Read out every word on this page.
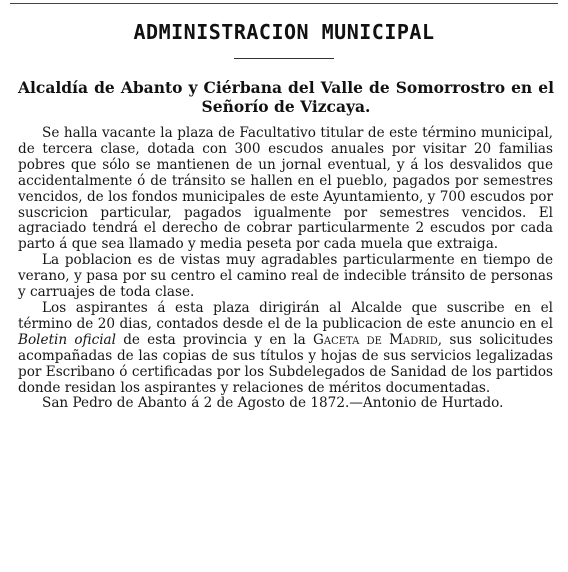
ADMINISTRACION MUNICIPAL
Alcaldía de Abanto y Ciérbana del Valle de Somorrostro en el Señorío de Vizcaya.

Se halla vacante la plaza de Facultativo titular de este término municipal, de tercera clase, dotada con 300 escudos anuales por visitar 20 familias pobres que sólo se mantienen de un jornal eventual, y á los desvalidos que accidentalmente ó de tránsito se hallen en el pueblo, pagados por semestres vencidos, de los fondos municipales de este Ayuntamiento, y 700 escudos por suscricion particular, pagados igualmente por semestres vencidos. El agraciado tendrá el derecho de cobrar particularmente 2 escudos por cada parto á que sea llamado y media peseta por cada muela que extraiga.

La poblacion es de vistas muy agradables particularmente en tiempo de verano, y pasa por su centro el camino real de indecible tránsito de personas y carruajes de toda clase.

Los aspirantes á esta plaza dirigirán al Alcalde que suscribe en el término de 20 dias, contados desde el de la publicacion de este anuncio en el Boletin oficial de esta provincia y en la Gaceta de Madrid, sus solicitudes acompañadas de las copias de sus títulos y hojas de sus servicios legalizadas por Escribano ó certificadas por los Subdelegados de Sanidad de los partidos donde residan los aspirantes y relaciones de méritos documentadas.

San Pedro de Abanto á 2 de Agosto de 1872.—Antonio de Hurtado.
